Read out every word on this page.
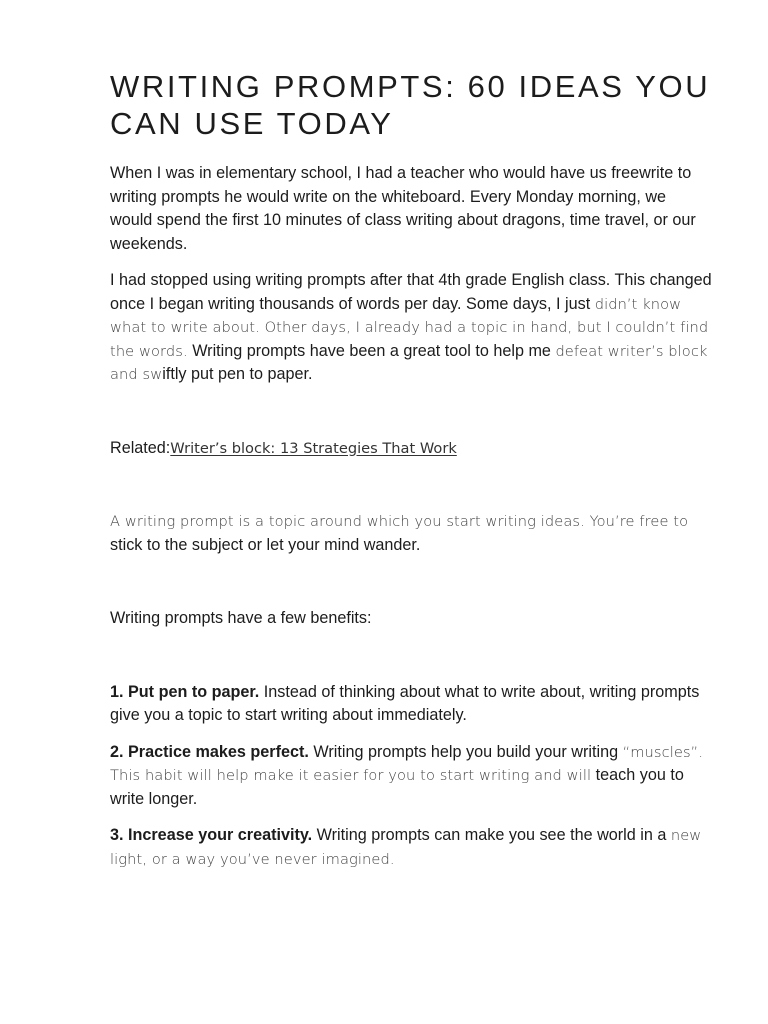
WRITING PROMPTS: 60 IDEAS YOU CAN USE TODAY

When I was in elementary school, I had a teacher who would have us freewrite to writing prompts he would write on the whiteboard. Every Monday morning, we would spend the first 10 minutes of class writing about dragons, time travel, or our weekends.

I had stopped using writing prompts after that 4th grade English class. This changed once I began writing thousands of words per day. Some days, I just didn’t know what to write about. Other days, I already had a topic in hand, but I couldn’t find the words. Writing prompts have been a great tool to help me defeat writer’s block and swiftly put pen to paper.

Related:Writer’s block: 13 Strategies That Work

A writing prompt is a topic around which you start writing ideas. You’re free to stick to the subject or let your mind wander.

Writing prompts have a few benefits:

1. Put pen to paper. Instead of thinking about what to write about, writing prompts give you a topic to start writing about immediately.

2. Practice makes perfect. Writing prompts help you build your writing “muscles”. This habit will help make it easier for you to start writing and will teach you to write longer.

3. Increase your creativity. Writing prompts can make you see the world in a new light, or a way you’ve never imagined.
